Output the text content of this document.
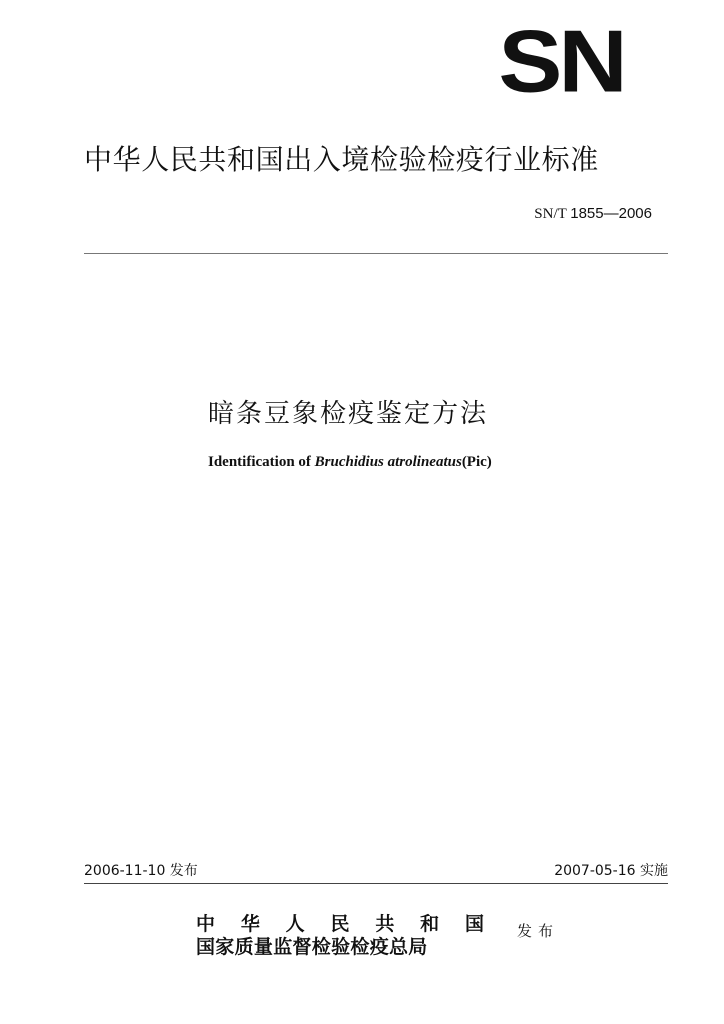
SN
中华人民共和国出入境检验检疫行业标准
SN/T 1855—2006
暗条豆象检疫鉴定方法
Identification of Bruchidius atrolineatus(Pic)
2006-11-10 发布	2007-05-16 实施
中华人民共和国
国家质量监督检验检疫总局
发布
